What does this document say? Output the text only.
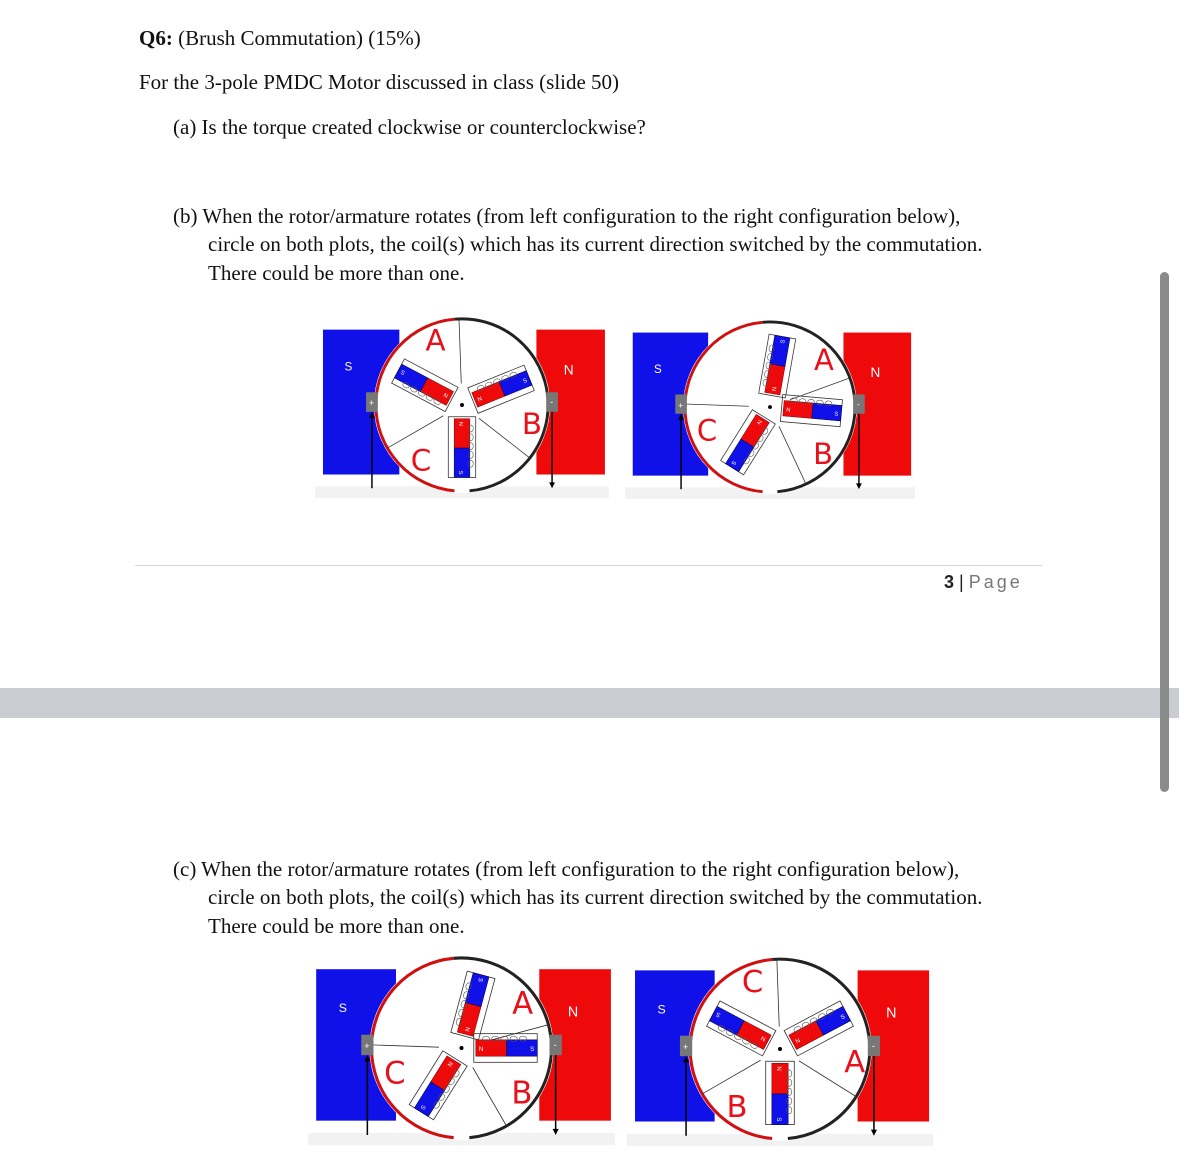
Q6: (Brush Commutation) (15%)
For the 3-pole PMDC Motor discussed in class (slide 50)
(a) Is the torque created clockwise or counterclockwise?
(b) When the rotor/armature rotates (from left configuration to the right configuration below),
circle on both plots, the coil(s) which has its current direction switched by the commutation.
There could be more than one.
S	N
N
S
A
N
S
B
N
S
C
+	-
S	N
N
S
A
N
S
B
N
S
C
+	-
3 | Page
(c) When the rotor/armature rotates (from left configuration to the right configuration below),
circle on both plots, the coil(s) which has its current direction switched by the commutation.
There could be more than one.
S	N
N
S
A
N	S
B
N
S
C
+	-
S	N
N
S
C
N
S
A
N
S
B
+	-
